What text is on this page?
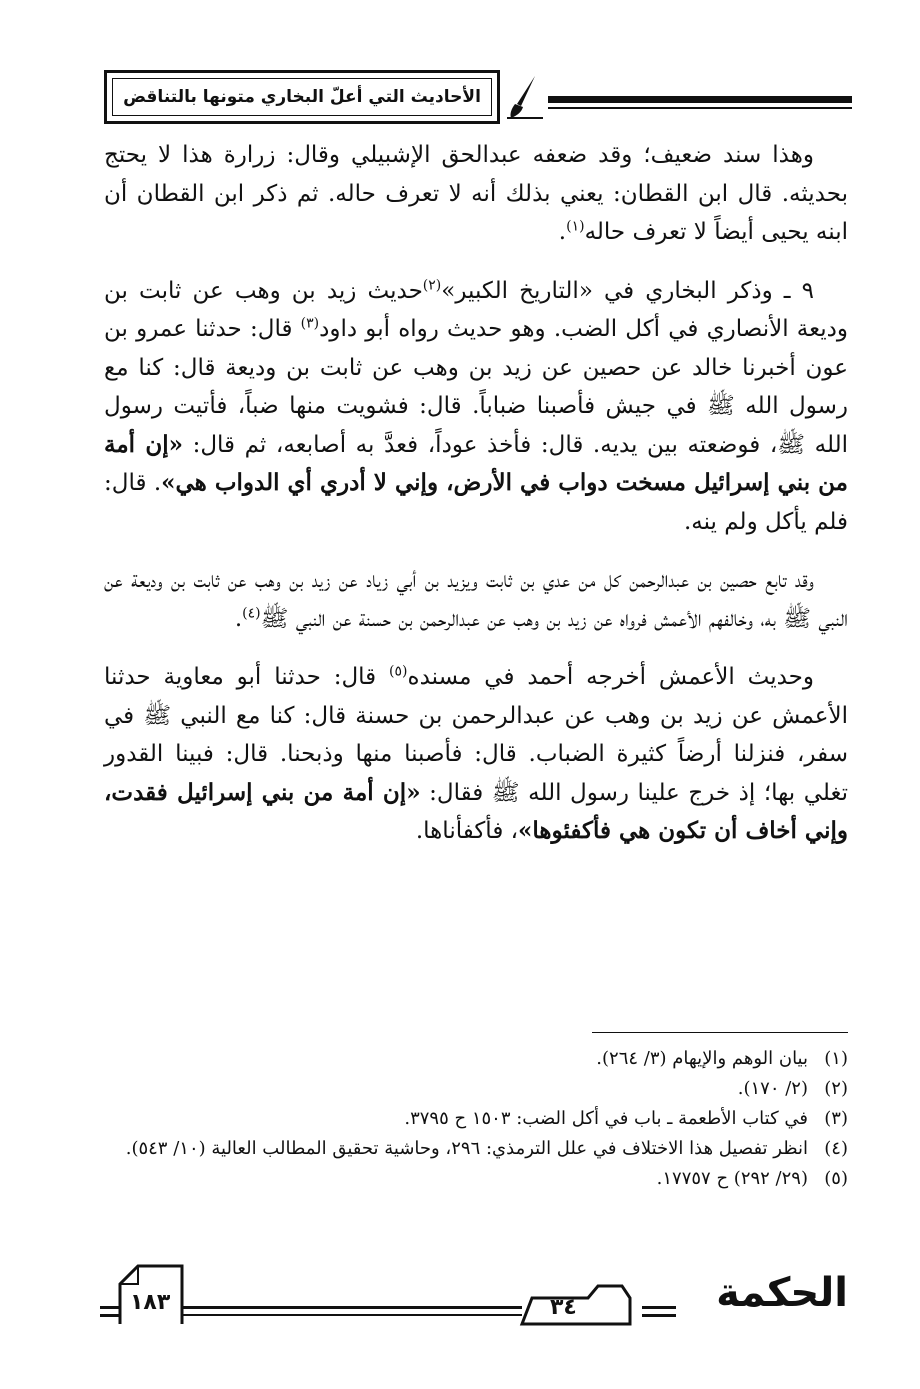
الأحاديث التي أعلّ البخاري متونها بالتناقض

وهذا سند ضعيف؛ وقد ضعفه عبدالحق الإشبيلي وقال: زرارة هذا لا يحتج بحديثه. قال ابن القطان: يعني بذلك أنه لا تعرف حاله. ثم ذكر ابن القطان أن ابنه يحيى أيضاً لا تعرف حاله$^{(١)}$.

٩ ـ وذكر البخاري في «التاريخ الكبير»$^{(٢)}$حديث زيد بن وهب عن ثابت بن وديعة الأنصاري في أكل الضب. وهو حديث رواه أبو داود$^{(٣)}$ قال: حدثنا عمرو بن عون أخبرنا خالد عن حصين عن زيد بن وهب عن ثابت بن وديعة قال: كنا مع رسول الله ﷺ في جيش فأصبنا ضباباً. قال: فشويت منها ضباً، فأتيت رسول الله ﷺ، فوضعته بين يديه. قال: فأخذ عوداً، فعدَّ به أصابعه، ثم قال: «إن أمة من بني إسرائيل مسخت دواب في الأرض، وإني لا أدري أي الدواب هي». قال: فلم يأكل ولم ينه.

وقد تابع حصين بن عبدالرحمن كل من عدي بن ثابت ويزيد بن أبي زياد عن زيد بن وهب عن ثابت بن وديعة عن النبي ﷺ به، وخالفهم الأعمش فرواه عن زيد بن وهب عن عبدالرحمن بن حسنة عن النبي ﷺ$^{(٤)}$.

وحديث الأعمش أخرجه أحمد في مسنده$^{(٥)}$ قال: حدثنا أبو معاوية حدثنا الأعمش عن زيد بن وهب عن عبدالرحمن بن حسنة قال: كنا مع النبي ﷺ في سفر، فنزلنا أرضاً كثيرة الضباب. قال: فأصبنا منها وذبحنا. قال: فبينا القدور تغلي بها؛ إذ خرج علينا رسول الله ﷺ فقال: «إن أمة من بني إسرائيل فقدت، وإني أخاف أن تكون هي فأكفئوها»، فأكفأناها.

(١)
بيان الوهم والإيهام (٣/ ٢٦٤).
(٢)
(٢/ ١٧٠).
(٣)
في كتاب الأطعمة ـ باب في أكل الضب: ١٥٠٣ ح ٣٧٩٥.
(٤)
انظر تفصيل هذا الاختلاف في علل الترمذي: ٢٩٦، وحاشية تحقيق المطالب العالية (١٠/ ٥٤٣).
(٥)
(٢٩/ ٢٩٢) ح ١٧٧٥٧.
١٨٣	٣٤	الحكمة
